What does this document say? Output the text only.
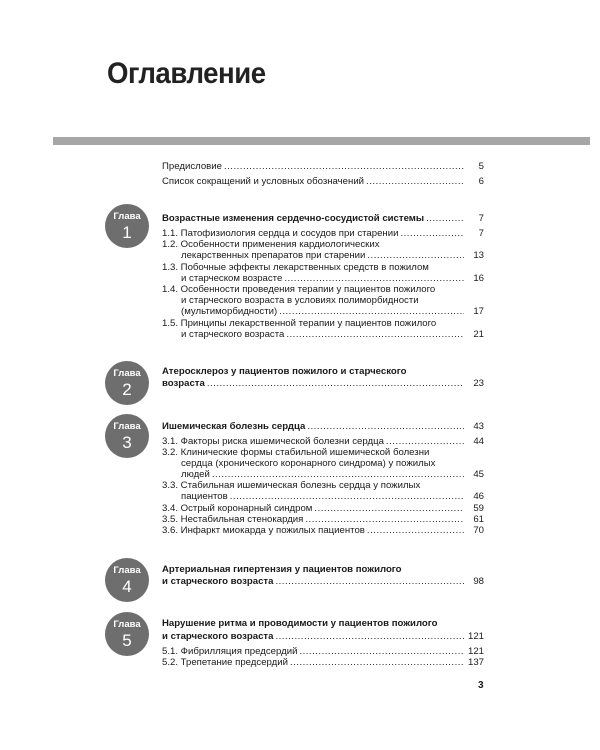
Оглавление
Предисловие .....	5
Список сокращений и условных обозначений .....	6
Глава
1
Возрастные изменения сердечно-сосудистой системы .....	7
1.1. Патофизиология сердца и сосудов при старении .....	7
1.2. Особенности применения кардиологических
лекарственных препаратов при старении .....	13
1.3. Побочные эффекты лекарственных средств в пожилом
и старческом возрасте .....	16
1.4. Особенности проведения терапии у пациентов пожилого
и старческого возраста в условиях полиморбидности
(мультиморбидности) .....	17
1.5. Принципы лекарственной терапии у пациентов пожилого
и старческого возраста .....	21
Глава
2
Атеросклероз у пациентов пожилого и старческого
возраста .....	23
Глава
3
Ишемическая болезнь сердца .....	43
3.1. Факторы риска ишемической болезни сердца .....	44
3.2. Клинические формы стабильной ишемической болезни
сердца (хронического коронарного синдрома) у пожилых
людей .....	45
3.3. Стабильная ишемическая болезнь сердца у пожилых
пациентов .....	46
3.4. Острый коронарный синдром .....	59
3.5. Нестабильная стенокардия .....	61
3.6. Инфаркт миокарда у пожилых пациентов .....	70
Глава
4
Артериальная гипертензия у пациентов пожилого
и старческого возраста .....	98
Глава
5
Нарушение ритма и проводимости у пациентов пожилого
и старческого возраста .....	121
5.1. Фибрилляция предсердий .....	121
5.2. Трепетание предсердий .....	137
3
